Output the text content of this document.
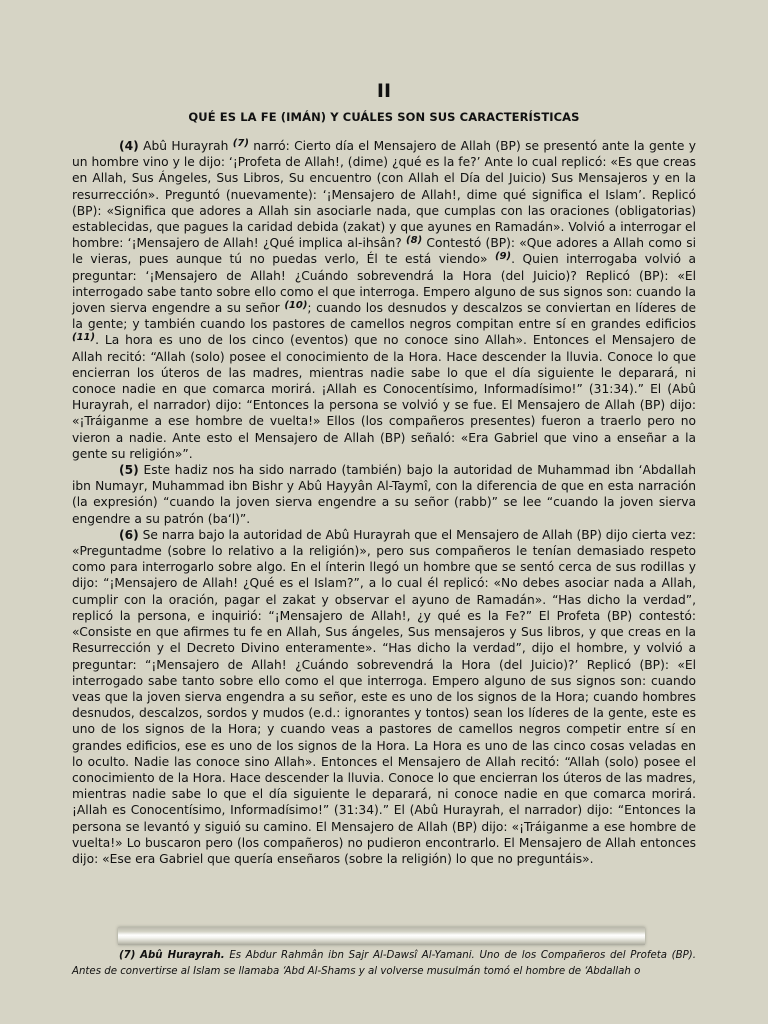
II
QUÉ ES LA FE (IMÁN) Y CUÁLES SON SUS CARACTERÍSTICAS

(4) Abû Hurayrah $^{(7)}$ narró: Cierto día el Mensajero de Allah (BP) se presentó ante la gente y un hombre vino y le dijo: ‘¡Profeta de Allah!, (dime) ¿qué es la fe?’ Ante lo cual replicó: «Es que creas en Allah, Sus Ángeles, Sus Libros, Su encuentro (con Allah el Día del Juicio) Sus Mensajeros y en la resurrección». Preguntó (nuevamente): ‘¡Mensajero de Allah!, dime qué significa el Islam’. Replicó (BP): «Significa que adores a Allah sin asociarle nada, que cumplas con las oraciones (obligatorias) establecidas, que pagues la caridad debida (zakat) y que ayunes en Ramadán». Volvió a interrogar el hombre: ‘¡Mensajero de Allah! ¿Qué implica al-ihsân? $^{(8)}$ Contestó (BP): «Que adores a Allah como si le vieras, pues aunque tú no puedas verlo, Él te está viendo» $^{(9)}$. Quien interrogaba volvió a preguntar: ‘¡Mensajero de Allah! ¿Cuándo sobrevendrá la Hora (del Juicio)? Replicó (BP): «El interrogado sabe tanto sobre ello como el que interroga. Empero alguno de sus signos son: cuando la joven sierva engendre a su señor $^{(10)}$; cuando los desnudos y descalzos se conviertan en líderes de la gente; y también cuando los pastores de camellos negros compitan entre sí en grandes edificios $^{(11)}$. La hora es uno de los cinco (eventos) que no conoce sino Allah». Entonces el Mensajero de Allah recitó: “Allah (solo) posee el conocimiento de la Hora. Hace descender la lluvia. Conoce lo que encierran los úteros de las madres, mientras nadie sabe lo que el día siguiente le deparará, ni conoce nadie en que comarca morirá. ¡Allah es Conocentísimo, Informadísimo!” (31:34).” El (Abû Hurayrah, el narrador) dijo: “Entonces la persona se volvió y se fue. El Mensajero de Allah (BP) dijo: «¡Tráiganme a ese hombre de vuelta!» Ellos (los compañeros presentes) fueron a traerlo pero no vieron a nadie. Ante esto el Mensajero de Allah (BP) señaló: «Era Gabriel que vino a enseñar a la gente su religión»”.

(5) Este hadiz nos ha sido narrado (también) bajo la autoridad de Muhammad ibn ‘Abdallah ibn Numayr, Muhammad ibn Bishr y Abû Hayyân Al-Taymî, con la diferencia de que en esta narración (la expresión) “cuando la joven sierva engendre a su señor (rabb)” se lee “cuando la joven sierva engendre a su patrón (ba‘l)”.

(6) Se narra bajo la autoridad de Abû Hurayrah que el Mensajero de Allah (BP) dijo cierta vez: «Preguntadme (sobre lo relativo a la religión)», pero sus compañeros le tenían demasiado respeto como para interrogarlo sobre algo. En el ínterin llegó un hombre que se sentó cerca de sus rodillas y dijo: “¡Mensajero de Allah! ¿Qué es el Islam?”, a lo cual él replicó: «No debes asociar nada a Allah, cumplir con la oración, pagar el zakat y observar el ayuno de Ramadán». “Has dicho la verdad”, replicó la persona, e inquirió: “¡Mensajero de Allah!, ¿y qué es la Fe?” El Profeta (BP) contestó: «Consiste en que afirmes tu fe en Allah, Sus ángeles, Sus mensajeros y Sus libros, y que creas en la Resurrección y el Decreto Divino enteramente». “Has dicho la verdad”, dijo el hombre, y volvió a preguntar: “¡Mensajero de Allah! ¿Cuándo sobrevendrá la Hora (del Juicio)?’ Replicó (BP): «El interrogado sabe tanto sobre ello como el que interroga. Empero alguno de sus signos son: cuando veas que la joven sierva engendra a su señor, este es uno de los signos de la Hora; cuando hombres desnudos, descalzos, sordos y mudos (e.d.: ignorantes y tontos) sean los líderes de la gente, este es uno de los signos de la Hora; y cuando veas a pastores de camellos negros competir entre sí en grandes edificios, ese es uno de los signos de la Hora. La Hora es uno de las cinco cosas veladas en lo oculto. Nadie las conoce sino Allah». Entonces el Mensajero de Allah recitó: “Allah (solo) posee el conocimiento de la Hora. Hace descender la lluvia. Conoce lo que encierran los úteros de las madres, mientras nadie sabe lo que el día siguiente le deparará, ni conoce nadie en que comarca morirá. ¡Allah es Conocentísimo, Informadísimo!” (31:34).” El (Abû Hurayrah, el narrador) dijo: “Entonces la persona se levantó y siguió su camino. El Mensajero de Allah (BP) dijo: «¡Tráiganme a ese hombre de vuelta!» Lo buscaron pero (los compañeros) no pudieron encontrarlo. El Mensajero de Allah entonces dijo: «Ese era Gabriel que quería enseñaros (sobre la religión) lo que no preguntáis».

(7) Abû Hurayrah. Es Abdur Rahmân ibn Sajr Al-Dawsî Al-Yamani. Uno de los Compañeros del Profeta (BP). Antes de convertirse al Islam se llamaba ‘Abd Al-Shams y al volverse musulmán tomó el hombre de ‘Abdallah o
